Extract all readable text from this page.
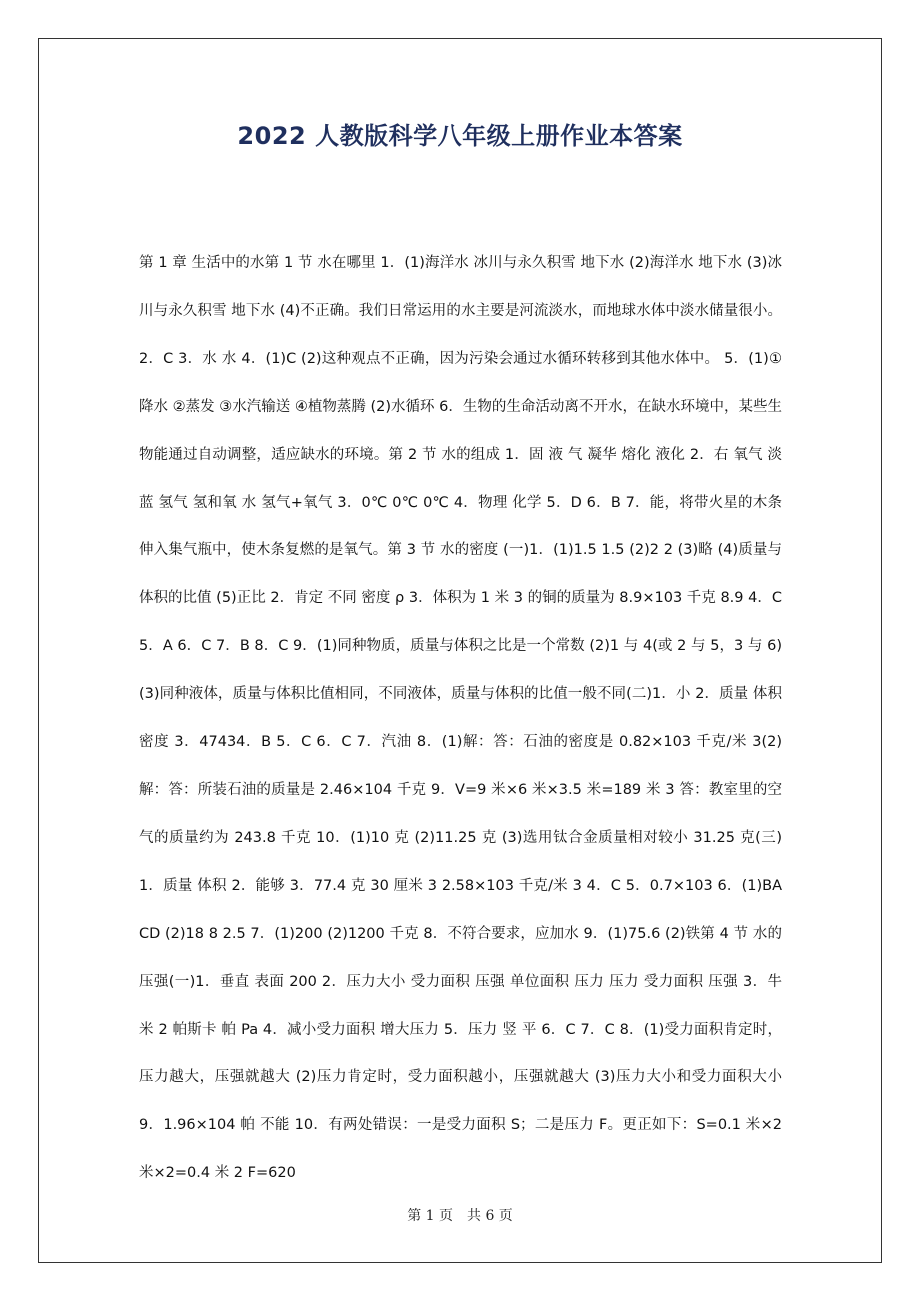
2022 人教版科学八年级上册作业本答案

第 1 章 生活中的水第 1 节 水在哪里 1．(1)海洋水 冰川与永久积雪 地下水 (2)海洋水 地下水 (3)冰川与永久积雪 地下水 (4)不正确。我们日常运用的水主要是河流淡水，而地球水体中淡水储量很小。 2．C 3．水 水 4．(1)C (2)这种观点不正确，因为污染会通过水循环转移到其他水体中。 5．(1)①降水 ②蒸发 ③水汽输送 ④植物蒸腾 (2)水循环 6．生物的生命活动离不开水，在缺水环境中，某些生物能通过自动调整，适应缺水的环境。第 2 节 水的组成 1．固 液 气 凝华 熔化 液化 2．右 氧气 淡蓝 氢气 氢和氧 水 氢气+氧气 3．0℃ 0℃ 0℃ 4．物理 化学 5．D 6．B 7．能，将带火星的木条伸入集气瓶中，使木条复燃的是氧气。第 3 节 水的密度 (一)1．(1)1.5 1.5 (2)2 2 (3)略 (4)质量与体积的比值 (5)正比 2．肯定 不同 密度 ρ 3．体积为 1 米 3 的铜的质量为 8.9×103 千克 8.9 4．C 5．A 6．C 7．B 8．C 9．(1)同种物质，质量与体积之比是一个常数 (2)1 与 4(或 2 与 5，3 与 6) (3)同种液体，质量与体积比值相同，不同液体，质量与体积的比值一般不同(二)1．小 2．质量 体积 密度 3．47434．B 5．C 6．C 7．汽油 8．(1)解：答：石油的密度是 0.82×103 千克/米 3(2)解：答：所装石油的质量是 2.46×104 千克 9．V=9 米×6 米×3.5 米=189 米 3 答：教室里的空气的质量约为 243.8 千克 10．(1)10 克 (2)11.25 克 (3)选用钛合金质量相对较小 31.25 克(三)1．质量 体积 2．能够 3．77.4 克 30 厘米 3 2.58×103 千克/米 3 4．C 5．0.7×103 6．(1)BACD (2)18 8 2.5 7．(1)200 (2)1200 千克 8．不符合要求，应加水 9．(1)75.6 (2)铁第 4 节 水的压强(一)1．垂直 表面 200 2．压力大小 受力面积 压强 单位面积 压力 压力 受力面积 压强 3．牛 米 2 帕斯卡 帕 Pa 4．减小受力面积 增大压力 5．压力 竖 平 6．C 7．C 8．(1)受力面积肯定时，压力越大，压强就越大 (2)压力肯定时，受力面积越小，压强就越大 (3)压力大小和受力面积大小 9．1.96×104 帕 不能 10．有两处错误：一是受力面积 S；二是压力 F。更正如下：S=0.1 米×2 米×2=0.4 米 2 F=620

第 1 页　共 6 页
